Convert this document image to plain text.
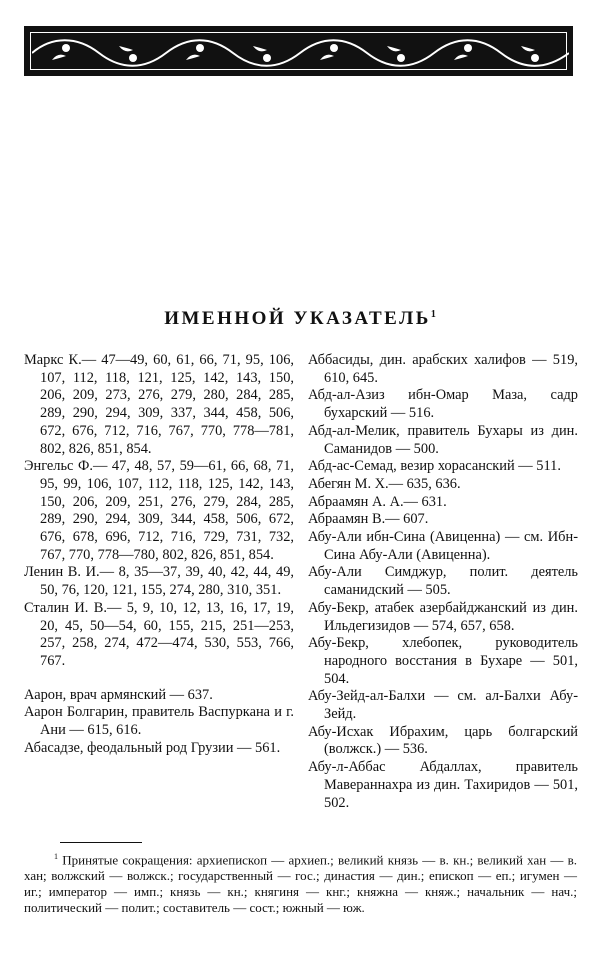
ИМЕННОЙ УКАЗАТЕЛЬ$^1$
Маркс К.— 47—49, 60, 61, 66, 71, 95, 106, 107, 112, 118, 121, 125, 142, 143, 150, 206, 209, 273, 276, 279, 280, 284, 285, 289, 290, 294, 309, 337, 344, 458, 506, 672, 676, 712, 716, 767, 770, 778—781, 802, 826, 851, 854.
Энгельс Ф.— 47, 48, 57, 59—61, 66, 68, 71, 95, 99, 106, 107, 112, 118, 125, 142, 143, 150, 206, 209, 251, 276, 279, 284, 285, 289, 290, 294, 309, 344, 458, 506, 672, 676, 678, 696, 712, 716, 729, 731, 732, 767, 770, 778—780, 802, 826, 851, 854.
Ленин В. И.— 8, 35—37, 39, 40, 42, 44, 49, 50, 76, 120, 121, 155, 274, 280, 310, 351.
Сталин И. В.— 5, 9, 10, 12, 13, 16, 17, 19, 20, 45, 50—54, 60, 155, 215, 251—253, 257, 258, 274, 472—474, 530, 553, 766, 767.
Аарон, врач армянский — 637.
Аарон Болгарин, правитель Васпуркана и г. Ани — 615, 616.
Абасадзе, феодальный род Грузии — 561.
Аббасиды, дин. арабских халифов — 519, 610, 645.
Абд-ал-Азиз ибн-Омар Маза, садр бухарский — 516.
Абд-ал-Мелик, правитель Бухары из дин. Саманидов — 500.
Абд-ас-Семад, везир хорасанский — 511.
Абегян М. Х.— 635, 636.
Абраамян А. А.— 631.
Абраамян В.— 607.
Абу-Али ибн-Сина (Авиценна) — см. Ибн-Сина Абу-Али (Авиценна).
Абу-Али Симджур, полит. деятель саманидский — 505.
Абу-Бекр, атабек азербайджанский из дин. Ильдегизидов — 574, 657, 658.
Абу-Бекр, хлебопек, руководитель народного восстания в Бухаре — 501, 504.
Абу-Зейд-ал-Балхи — см. ал-Балхи Абу-Зейд.
Абу-Исхак Ибрахим, царь болгарский (волжск.) — 536.
Абу-л-Аббас Абдаллах, правитель Мавераннахра из дин. Тахиридов — 501, 502.
$^1$ Принятые сокращения: архиепископ — архиеп.; великий князь — в. кн.; великий хан — в. хан; волжский — волжск.; государственный — гос.; династия — дин.; епископ — еп.; игумен — иг.; император — имп.; князь — кн.; княгиня — кнг.; княжна — княж.; начальник — нач.; политический — полит.; составитель — сост.; южный — юж.
